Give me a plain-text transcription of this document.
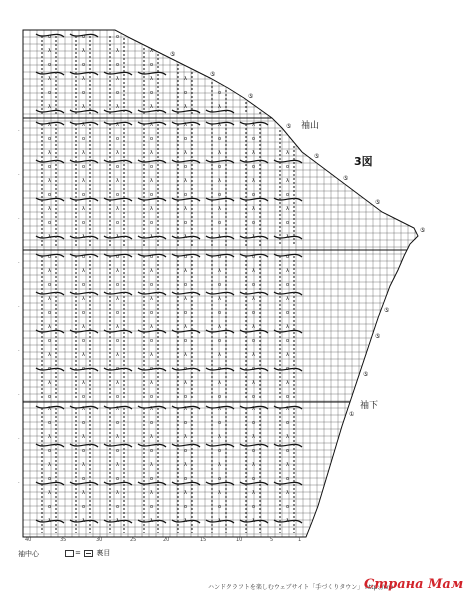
ο	ο	ο
λ	λ	λ	λ
ο	ο	ο	ο
λ	λ	λ	λ	λ
ο	ο	ο	ο	ο	ο
λ	λ	λ	λ	λ	λ
λ	λ	λ	λ	λ	λ	λ
ο	ο	ο	ο	ο	ο	ο
λ	λ	λ	λ	λ	λ	λ	λ
ο	ο	ο	ο	ο	ο	ο	ο
λ	λ	λ	λ	λ	λ	λ	λ
ο	ο	ο	ο	ο	ο	ο	ο
λ	λ	λ	λ	λ	λ	λ	λ
ο	ο	ο	ο	ο	ο	ο	ο
λ	λ	λ	λ	λ	λ	λ	λ
ο	ο	ο	ο	ο	ο	ο	ο
λ	λ	λ	λ	λ	λ	λ	λ
ο	ο	ο	ο	ο	ο	ο	ο
λ	λ	λ	λ	λ	λ	λ	λ
ο	ο	ο	ο	ο	ο	ο	ο
λ	λ	λ	λ	λ	λ	λ	λ
ο	ο	ο	ο	ο	ο	ο	ο
λ	λ	λ	λ	λ	λ	λ	λ
ο	ο	ο	ο	ο	ο	ο	ο
λ	λ	λ	λ	λ	λ	λ	λ
ο	ο	ο	ο	ο	ο	ο	ο
λ	λ	λ	λ	λ	λ	λ	λ
ο	ο	ο	ο	ο	ο	ο	ο
λ	λ	λ	λ	λ	λ	λ	λ
ο	ο	ο	ο	ο	ο	ο	ο
λ	λ	λ	λ	λ	λ	λ	λ
ο	ο	ο	ο	ο	ο	ο	ο
λ	λ	λ	λ	λ	λ	λ	λ
ο	ο	ο	ο	ο	ο	ο	ο
λ	λ	λ	λ	λ	λ	λ	λ
⑤
⑤
⑤
⑤
⑤
⑤
⑤
⑤
⑤
⑤
⑤
①
-
-
-
-
-
-
-
-
-
袖山
3図
袖下
袖中心
40	35	30	25	20	15	10	5	1
=  裏目
ハンドクラフトを楽しむウェブサイト「手づくりタウン」 http://ww
Страна Мам
